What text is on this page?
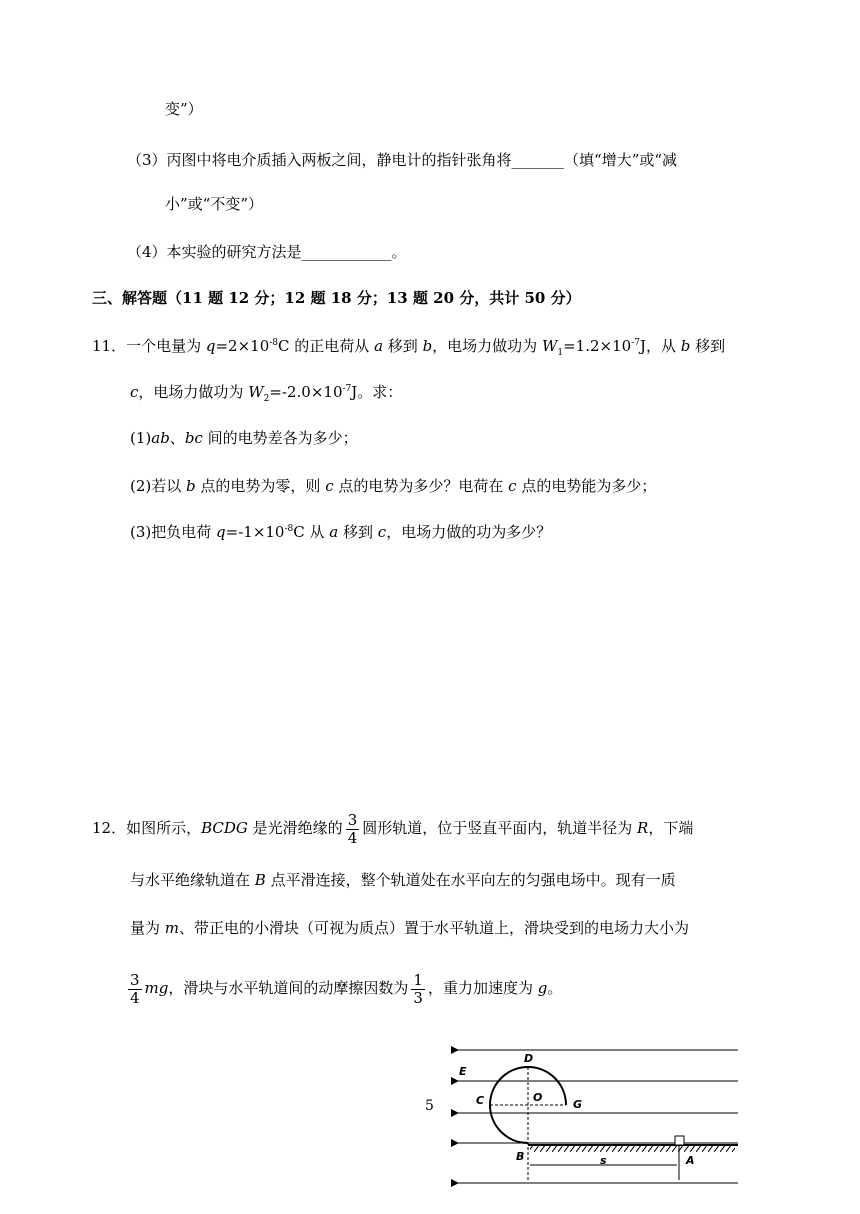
变”）
（3）丙图中将电介质插入两板之间，静电计的指针张角将_______（填“增大”或“减
小”或“不变”）
（4）本实验的研究方法是____________。
三、解答题（11 题 12 分；12 题 18 分；13 题 20 分，共计 50 分）
11．一个电量为 $q=2\times 10^{-8}C$ 的正电荷从 a 移到 b，电场力做功为 $W_1=1.2\times 10^{-7}J$，从 b 移到
c，电场力做功为 $W_2=-2.0\times 10^{-7}J$。求：
(1)ab、bc 间的电势差各为多少；
(2)若以 b 点的电势为零，则 c 点的电势为多少？电荷在 c 点的电势能为多少；
(3)把负电荷 $q=-1\times 10^{-8}C$ 从 a 移到 c，电场力做的功为多少？
12．如图所示，BCDG 是光滑绝缘的 $\frac{3}{4}$ 圆形轨道，位于竖直平面内，轨道半径为 R，下端
与水平绝缘轨道在 B 点平滑连接，整个轨道处在水平向左的匀强电场中。现有一质
量为 m、带正电的小滑块（可视为质点）置于水平轨道上，滑块受到的电场力大小为
$\frac{3}{4}$ mg，滑块与水平轨道间的动摩擦因数为 $\frac{1}{3}$ ，重力加速度为 g。
5
D
E
C	O
G
B	s	A
